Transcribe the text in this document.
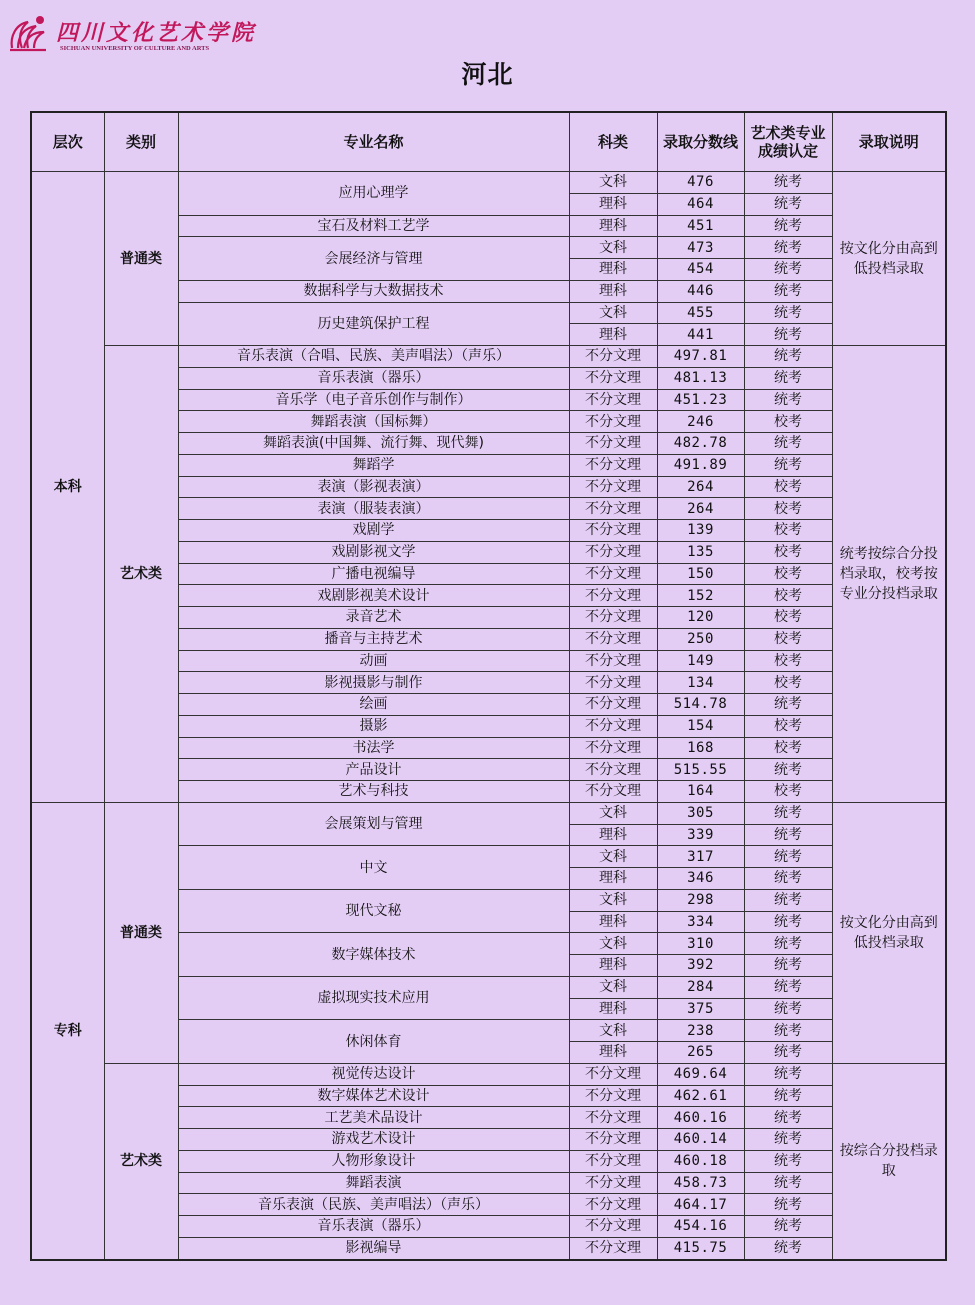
四川文化艺术学院
SICHUAN UNIVERSITY OF CULTURE AND ARTS
河北
层次	类别	专业名称	科类	录取分数线	艺术类专业成绩认定	录取说明
本科	普通类	应用心理学	文科	476	统考	按文化分由高到低投档录取
			理科	464	统考	
		宝石及材料工艺学	理科	451	统考	
		会展经济与管理	文科	473	统考	
			理科	454	统考	
		数据科学与大数据技术	理科	446	统考	
		历史建筑保护工程	文科	455	统考	
			理科	441	统考	
	艺术类	音乐表演（合唱、民族、美声唱法）（声乐）	不分文理	497.81	统考	统考按综合分投档录取，校考按专业分投档录取
		音乐表演（器乐）	不分文理	481.13	统考	
		音乐学（电子音乐创作与制作）	不分文理	451.23	统考	
		舞蹈表演（国标舞）	不分文理	246	校考	
		舞蹈表演(中国舞、流行舞、现代舞)	不分文理	482.78	统考	
		舞蹈学	不分文理	491.89	统考	
		表演（影视表演）	不分文理	264	校考	
		表演（服装表演）	不分文理	264	校考	
		戏剧学	不分文理	139	校考	
		戏剧影视文学	不分文理	135	校考	
		广播电视编导	不分文理	150	校考	
		戏剧影视美术设计	不分文理	152	校考	
		录音艺术	不分文理	120	校考	
		播音与主持艺术	不分文理	250	校考	
		动画	不分文理	149	校考	
		影视摄影与制作	不分文理	134	校考	
		绘画	不分文理	514.78	统考	
		摄影	不分文理	154	校考	
		书法学	不分文理	168	校考	
		产品设计	不分文理	515.55	统考	
		艺术与科技	不分文理	164	校考	
专科	普通类	会展策划与管理	文科	305	统考	按文化分由高到低投档录取
			理科	339	统考	
		中文	文科	317	统考	
			理科	346	统考	
		现代文秘	文科	298	统考	
			理科	334	统考	
		数字媒体技术	文科	310	统考	
			理科	392	统考	
		虚拟现实技术应用	文科	284	统考	
			理科	375	统考	
		休闲体育	文科	238	统考	
			理科	265	统考	
	艺术类	视觉传达设计	不分文理	469.64	统考	按综合分投档录取
		数字媒体艺术设计	不分文理	462.61	统考	
		工艺美术品设计	不分文理	460.16	统考	
		游戏艺术设计	不分文理	460.14	统考	
		人物形象设计	不分文理	460.18	统考	
		舞蹈表演	不分文理	458.73	统考	
		音乐表演（民族、美声唱法）（声乐）	不分文理	464.17	统考	
		音乐表演（器乐）	不分文理	454.16	统考	
		影视编导	不分文理	415.75	统考	
